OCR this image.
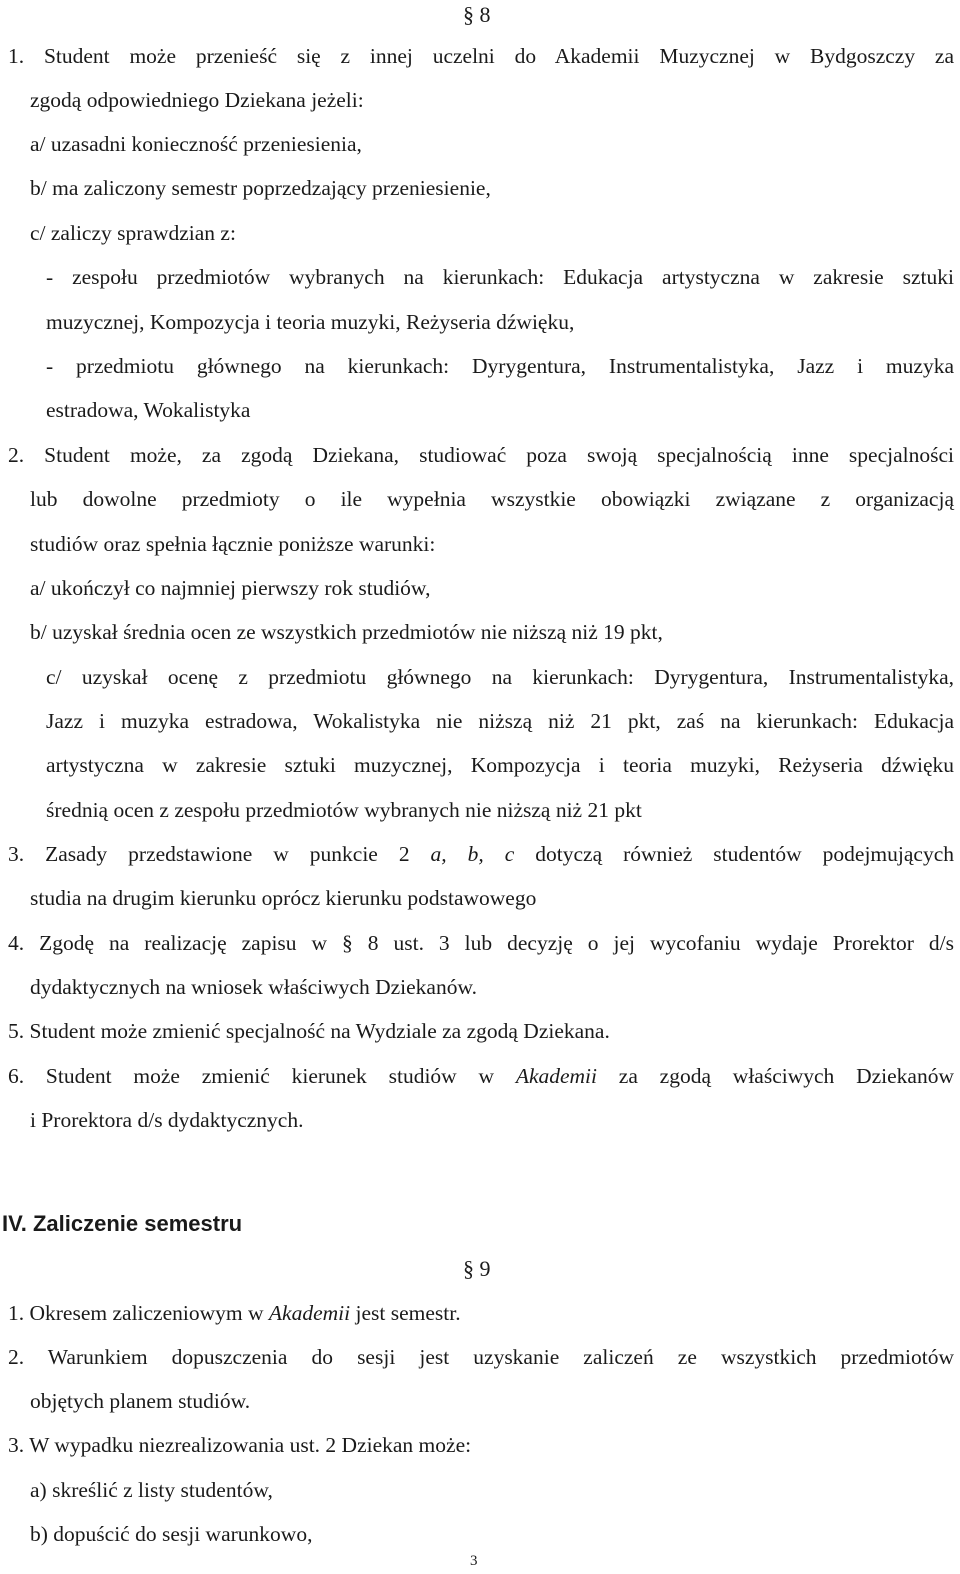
§ 8
1. Student może przenieść się z innej uczelni do Akademii Muzycznej w Bydgoszczy za
zgodą odpowiedniego Dziekana jeżeli:
a/ uzasadni konieczność przeniesienia,
b/ ma zaliczony semestr poprzedzający przeniesienie,
c/ zaliczy sprawdzian z:
- zespołu przedmiotów wybranych na kierunkach: Edukacja artystyczna w zakresie sztuki
muzycznej, Kompozycja i teoria muzyki, Reżyseria dźwięku,
- przedmiotu głównego na kierunkach: Dyrygentura, Instrumentalistyka, Jazz i muzyka
estradowa, Wokalistyka
2. Student może, za zgodą Dziekana, studiować poza swoją specjalnością inne specjalności
lub dowolne przedmioty o ile wypełnia wszystkie obowiązki związane z organizacją
studiów oraz spełnia łącznie poniższe warunki:
a/ ukończył co najmniej pierwszy rok studiów,
b/ uzyskał średnia ocen ze wszystkich przedmiotów nie niższą niż 19 pkt,
c/ uzyskał ocenę z przedmiotu głównego na kierunkach: Dyrygentura, Instrumentalistyka,
Jazz i muzyka estradowa, Wokalistyka nie niższą niż 21 pkt, zaś na kierunkach: Edukacja
artystyczna w zakresie sztuki muzycznej, Kompozycja i teoria muzyki, Reżyseria dźwięku
średnią ocen z zespołu przedmiotów wybranych nie niższą niż 21 pkt
3. Zasady przedstawione w punkcie 2 a, b, c dotyczą również studentów podejmujących
studia na drugim kierunku oprócz kierunku podstawowego
4. Zgodę na realizację zapisu w § 8 ust. 3 lub decyzję o jej wycofaniu wydaje Prorektor d/s
dydaktycznych na wniosek właściwych Dziekanów.
5. Student może zmienić specjalność na Wydziale za zgodą Dziekana.
6. Student może zmienić kierunek studiów w Akademii za zgodą właściwych Dziekanów
i Prorektora d/s dydaktycznych.
IV. Zaliczenie semestru
§ 9
1. Okresem zaliczeniowym w Akademii jest semestr.
2. Warunkiem dopuszczenia do sesji jest uzyskanie zaliczeń ze wszystkich przedmiotów
objętych planem studiów.
3. W wypadku niezrealizowania ust. 2 Dziekan może:
a) skreślić z listy studentów,
b) dopuścić do sesji warunkowo,
3
